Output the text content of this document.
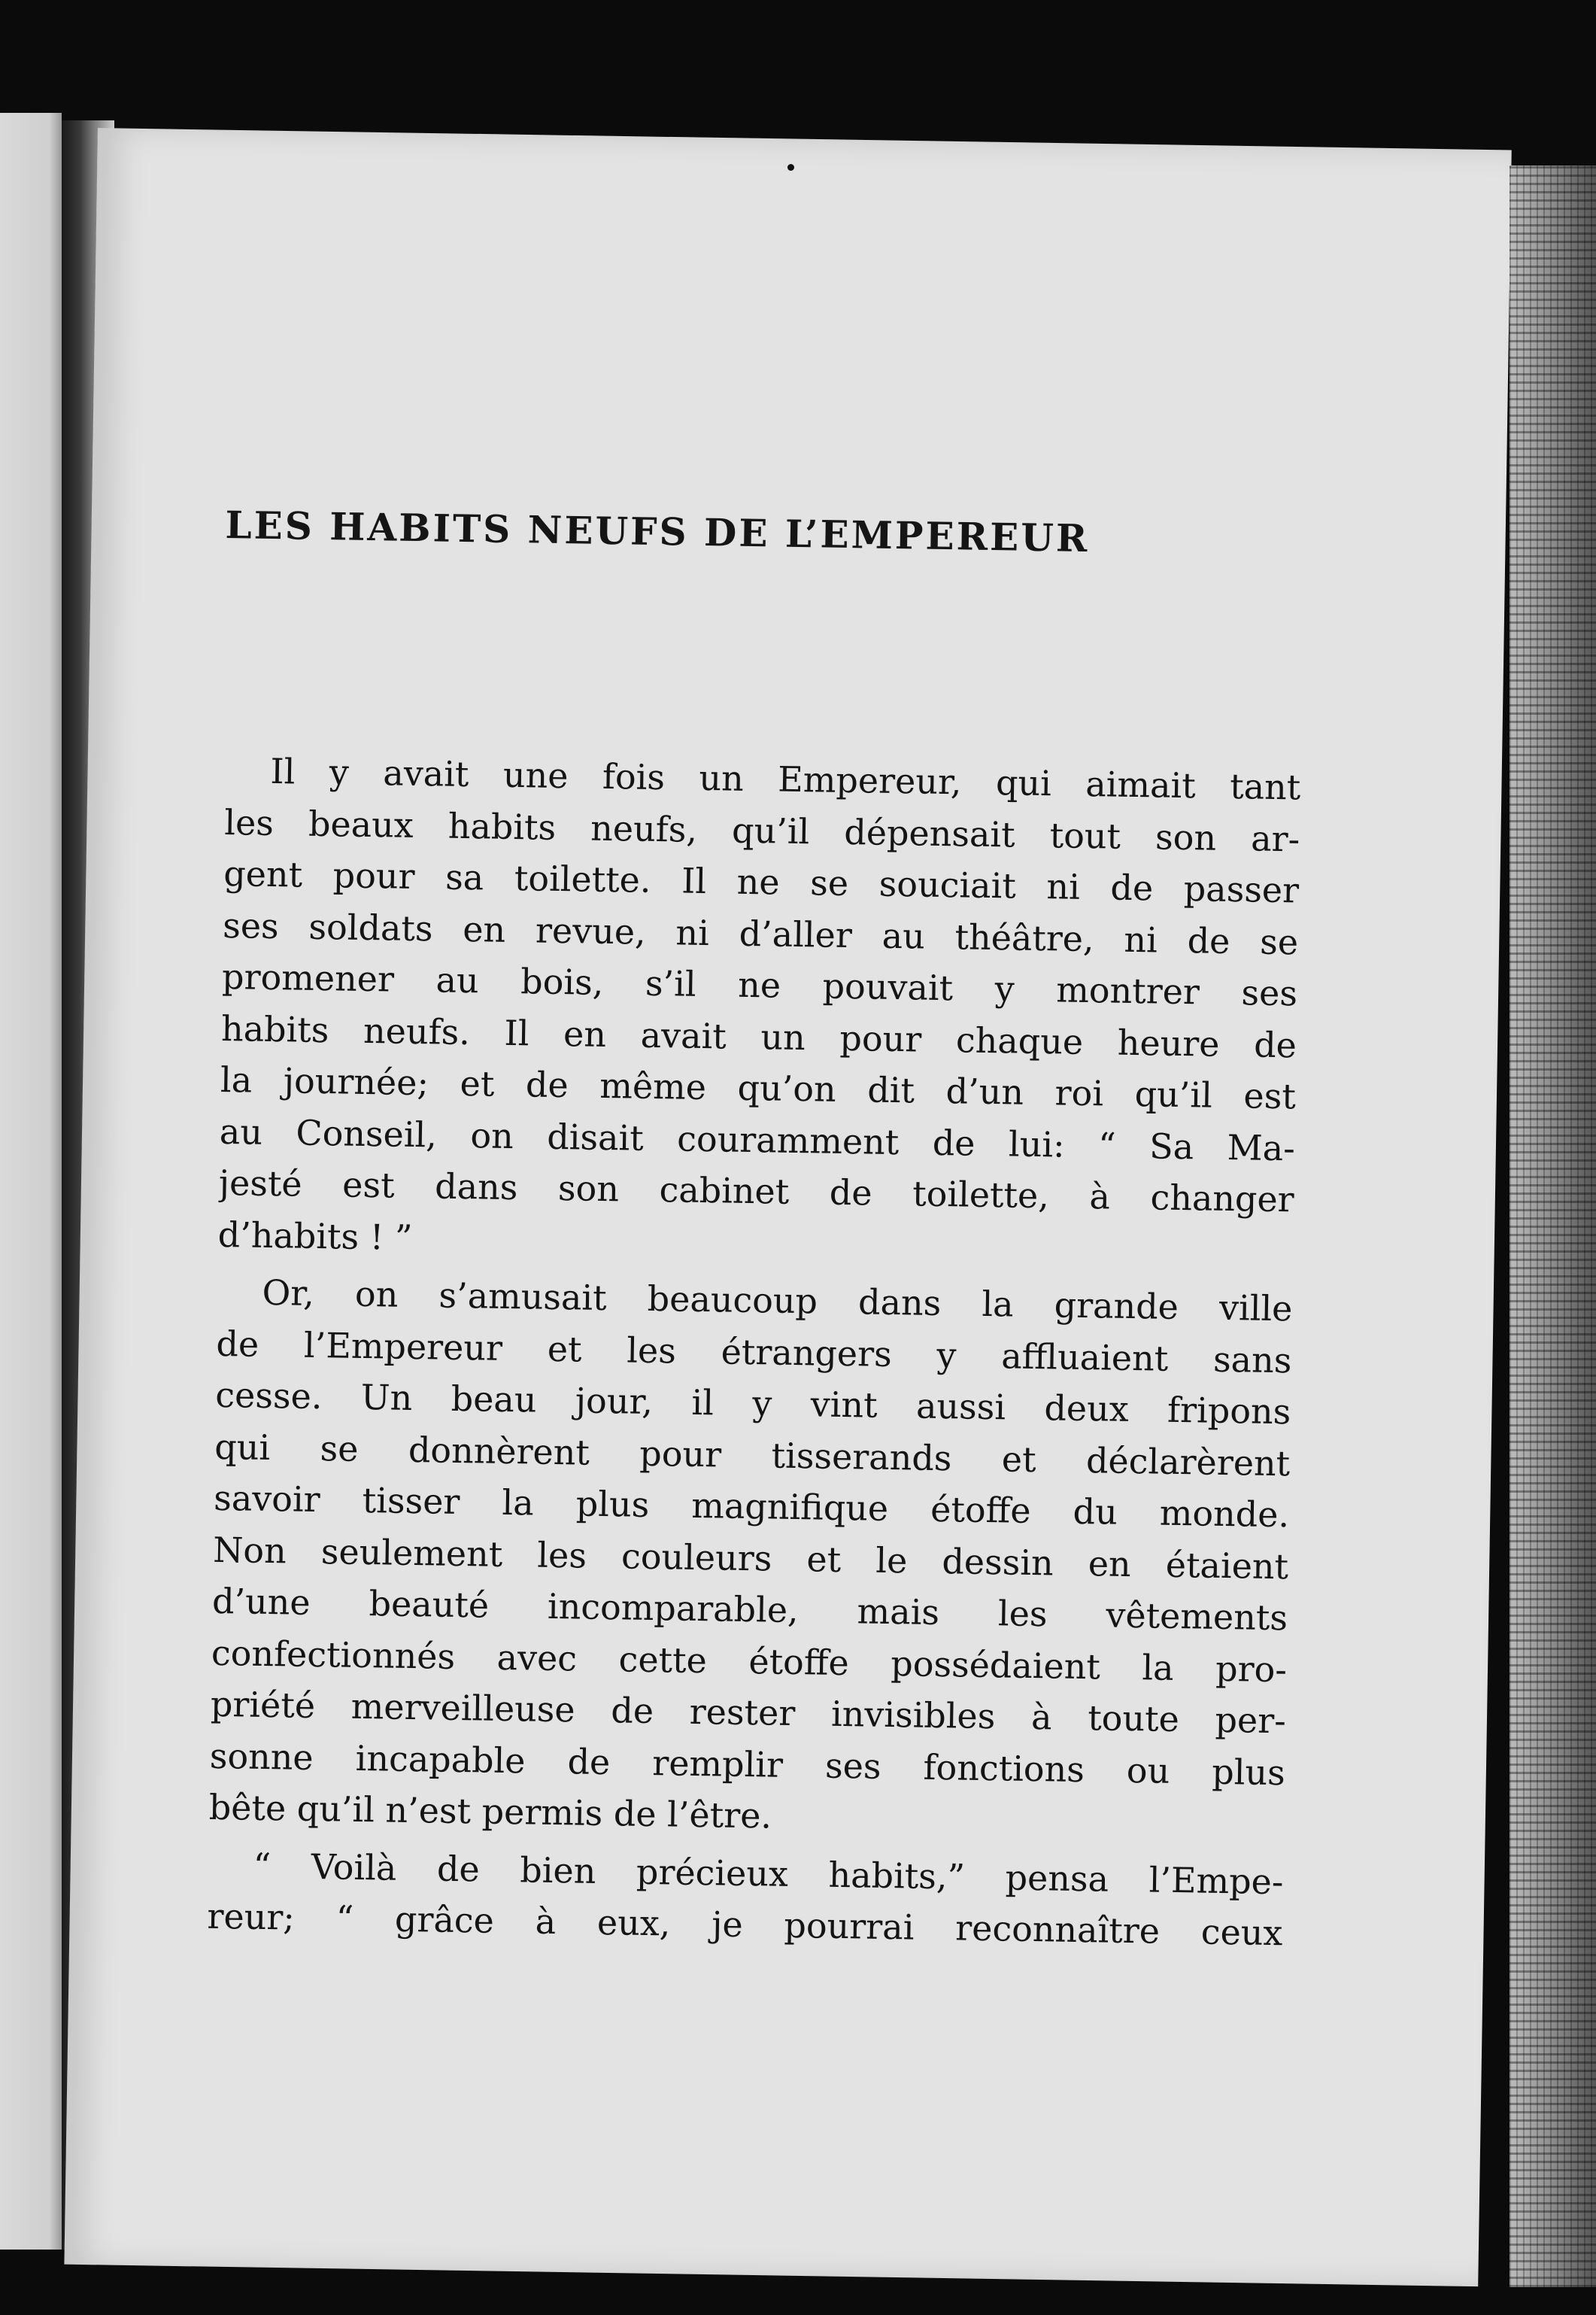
LES HABITS NEUFS DE L’EMPEREUR
Il y avait une fois un Empereur, qui aimait tant
les beaux habits neufs, qu’il dépensait tout son ar-
gent pour sa toilette. Il ne se souciait ni de passer
ses soldats en revue, ni d’aller au théâtre, ni de se
promener au bois, s’il ne pouvait y montrer ses
habits neufs. Il en avait un pour chaque heure de
la journée; et de même qu’on dit d’un roi qu’il est
au Conseil, on disait couramment de lui: “ Sa Ma-
jesté est dans son cabinet de toilette, à changer
d’habits ! ”
Or, on s’amusait beaucoup dans la grande ville
de l’Empereur et les étrangers y affluaient sans
cesse. Un beau jour, il y vint aussi deux fripons
qui se donnèrent pour tisserands et déclarèrent
savoir tisser la plus magnifique étoffe du monde.
Non seulement les couleurs et le dessin en étaient
d’une beauté incomparable, mais les vêtements
confectionnés avec cette étoffe possédaient la pro-
priété merveilleuse de rester invisibles à toute per-
sonne incapable de remplir ses fonctions ou plus
bête qu’il n’est permis de l’être.
“ Voilà de bien précieux habits,” pensa l’Empe-
reur; “ grâce à eux, je pourrai reconnaître ceux
